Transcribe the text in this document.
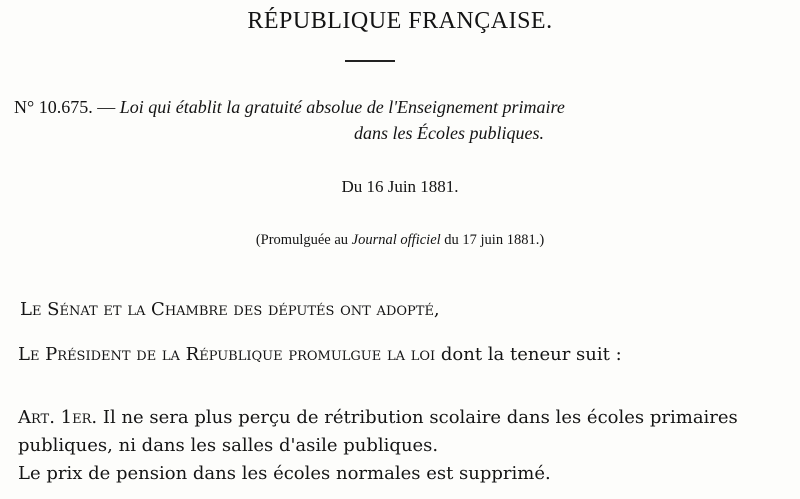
RÉPUBLIQUE FRANÇAISE.
N° 10.675. — Loi qui établit la gratuité absolue de l'Enseignement primaire
dans les Écoles publiques.
Du 16 Juin 1881.
(Promulguée au Journal officiel du 17 juin 1881.)
Le Sénat et la Chambre des députés ont adopté,
Le Président de la République promulgue la loi dont la teneur suit :
Art. 1er. Il ne sera plus perçu de rétribution scolaire dans les écoles primaires publiques, ni dans les salles d'asile publiques.
Le prix de pension dans les écoles normales est supprimé.
